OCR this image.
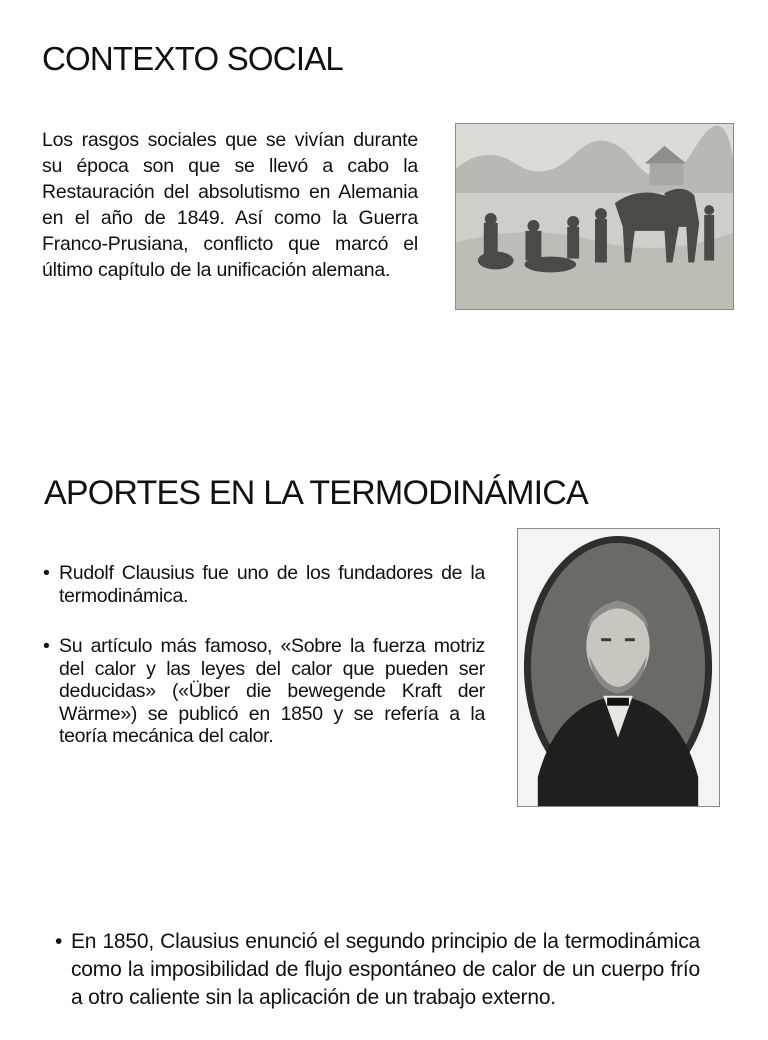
CONTEXTO SOCIAL

Los rasgos sociales que se vivían durante su época son que se llevó a cabo la Restauración del absolutismo en Alemania en el año de 1849. Así como la Guerra Franco-Prusiana, conflicto que marcó el último capítulo de la unificación alemana.

APORTES EN LA TERMODINÁMICA
• Rudolf Clausius fue uno de los fundadores de la termodinámica.
• Su artículo más famoso, «Sobre la fuerza motriz del calor y las leyes del calor que pueden ser deducidas» («Über die bewegende Kraft der Wärme») se publicó en 1850 y se refería a la teoría mecánica del calor.
• En 1850, Clausius enunció el segundo principio de la termodinámica como la imposibilidad de flujo espontáneo de calor de un cuerpo frío a otro caliente sin la aplicación de un trabajo externo.
